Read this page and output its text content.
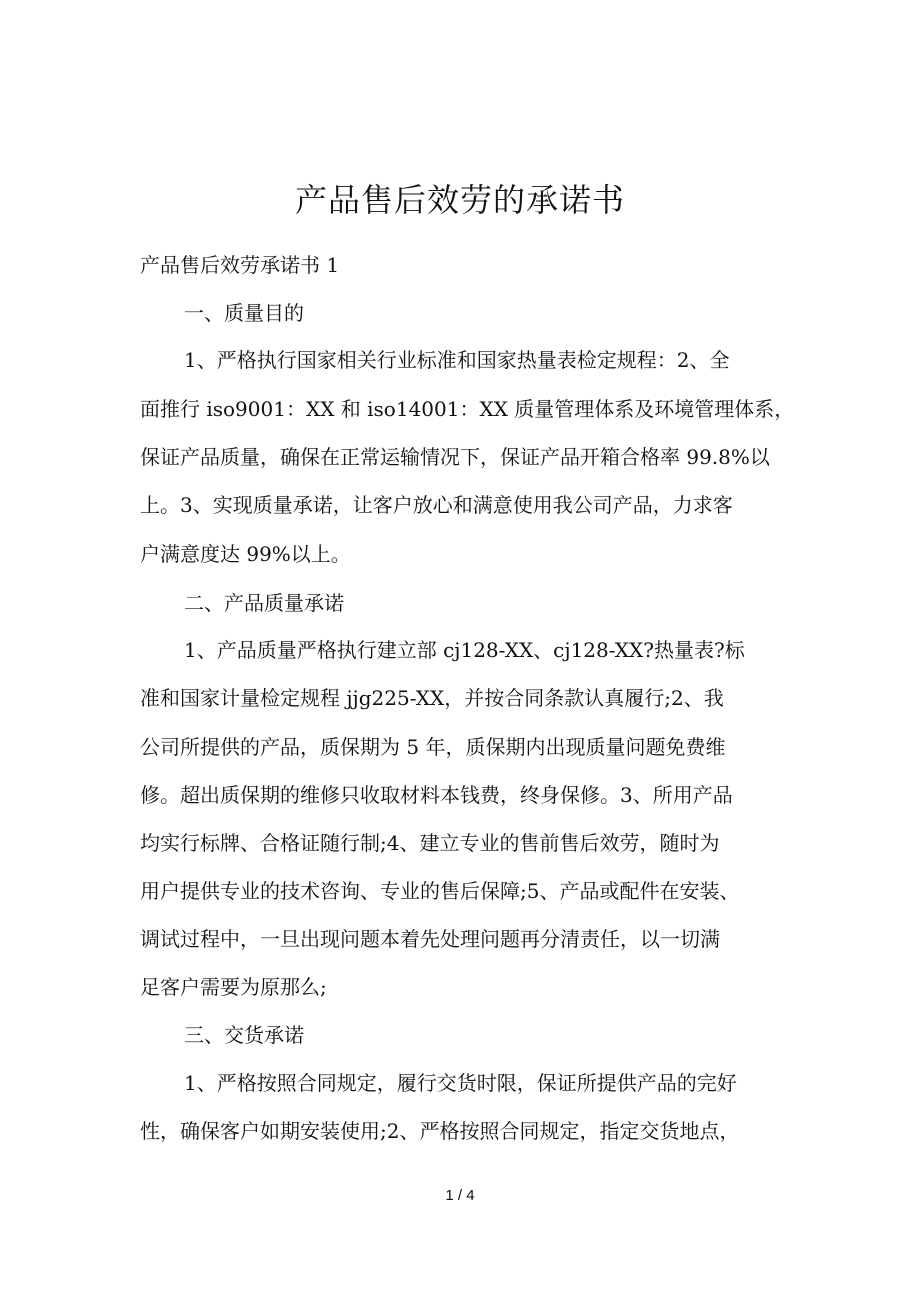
产品售后效劳的承诺书
产品售后效劳承诺书 1
一、质量目的
1、严格执行国家相关行业标准和国家热量表检定规程：2、全
面推行 iso9001：XX 和 iso14001：XX 质量管理体系及环境管理体系，
保证产品质量，确保在正常运输情况下，保证产品开箱合格率 99.8%以
上。3、实现质量承诺，让客户放心和满意使用我公司产品，力求客
户满意度达 99%以上。
二、产品质量承诺
1、产品质量严格执行建立部 cj128-XX、cj128-XX?热量表?标
准和国家计量检定规程 jjg225-XX，并按合同条款认真履行;2、我
公司所提供的产品，质保期为 5 年，质保期内出现质量问题免费维
修。超出质保期的维修只收取材料本钱费，终身保修。3、所用产品
均实行标牌、合格证随行制;4、建立专业的售前售后效劳，随时为
用户提供专业的技术咨询、专业的售后保障;5、产品或配件在安装、
调试过程中，一旦出现问题本着先处理问题再分清责任，以一切满
足客户需要为原那么;
三、交货承诺
1、严格按照合同规定，履行交货时限，保证所提供产品的完好
性，确保客户如期安装使用;2、严格按照合同规定，指定交货地点，
1 / 4
